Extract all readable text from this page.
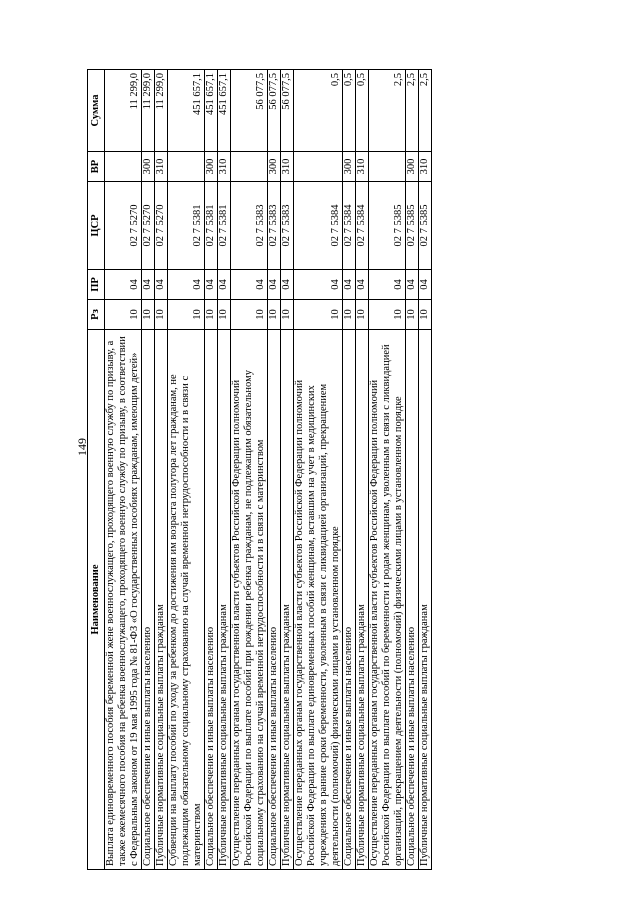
149
Наименование	Рз	ПР	ЦСР	ВР	Сумма
Выплата единовременного пособия беременной жене военнослужащего, проходящего военную службу по призыву, а также ежемесячного пособия на ребенка военнослужащего, проходящего военную службу по призыву, в соответствии с Федеральным законом от 19 мая 1995 года № 81-ФЗ «О государственных пособиях гражданам, имеющим детей»	10	04	02 7 5270		11 299,0
Социальное обеспечение и иные выплаты населению	10	04	02 7 5270	300	11 299,0
Публичные нормативные социальные выплаты гражданам	10	04	02 7 5270	310	11 299,0
Субвенции на выплату пособий по уходу за ребенком до достижения им возраста полутора лет гражданам, не подлежащим обязательному социальному страхованию на случай временной нетрудоспособности и в связи с материнством	10	04	02 7 5381		451 657,1
Социальное обеспечение и иные выплаты населению	10	04	02 7 5381	300	451 657,1
Публичные нормативные социальные выплаты гражданам	10	04	02 7 5381	310	451 657,1
Осуществление переданных органам государственной власти субъектов Российской Федерации полномочий Российской Федерации по выплате пособий при рождении ребенка гражданам, не подлежащим обязательному социальному страхованию на случай временной нетрудоспособности и в связи с материнством	10	04	02 7 5383		56 077,5
Социальное обеспечение и иные выплаты населению	10	04	02 7 5383	300	56 077,5
Публичные нормативные социальные выплаты гражданам	10	04	02 7 5383	310	56 077,5
Осуществление переданных органам государственной власти субъектов Российской Федерации полномочий Российской Федерации по выплате единовременных пособий женщинам, вставшим на учет в медицинских учреждениях в ранние сроки беременности, уволенным в связи с ликвидацией организаций, прекращением деятельности (полномочий) физическими лицами в установленном порядке	10	04	02 7 5384		0,5
Социальное обеспечение и иные выплаты населению	10	04	02 7 5384	300	0,5
Публичные нормативные социальные выплаты гражданам	10	04	02 7 5384	310	0,5
Осуществление переданных органам государственной власти субъектов Российской Федерации полномочий Российской Федерации по выплате пособий по беременности и родам женщинам, уволенным в связи с ликвидацией организаций, прекращением деятельности (полномочий) физическими лицами в установленном порядке	10	04	02 7 5385		2,5
Социальное обеспечение и иные выплаты населению	10	04	02 7 5385	300	2,5
Публичные нормативные социальные выплаты гражданам	10	04	02 7 5385	310	2,5
